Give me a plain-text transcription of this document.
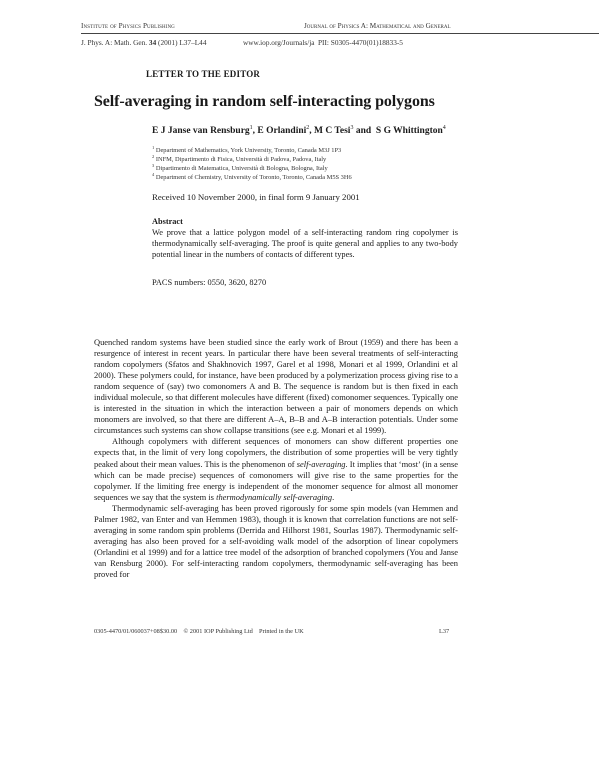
Institute of Physics Publishing	Journal of Physics A: Mathematical and General
J. Phys. A: Math. Gen. 34 (2001) L37–L44	www.iop.org/Journals/ja PII: S0305-4470(01)18833-5
LETTER TO THE EDITOR
Self-averaging in random self-interacting polygons
E J Janse van Rensburg$^1$, E Orlandini$^2$, M C Tesi$^3$ and  S G Whittington$^4$
$^1$ Department of Mathematics, York University, Toronto, Canada M3J 1P3
$^2$ INFM, Dipartimento di Fisica, Università di Padova, Padova, Italy
$^3$ Dipartimento di Matematica, Università di Bologna, Bologna, Italy
$^4$ Department of Chemistry, University of Toronto, Toronto, Canada M5S 3H6
Received 10 November 2000, in final form 9 January 2001
Abstract
We prove that a lattice polygon model of a self-interacting random ring copolymer is thermodynamically self-averaging. The proof is quite general and applies to any two-body potential linear in the numbers of contacts of different types.
PACS numbers: 0550, 3620, 8270

Quenched random systems have been studied since the early work of Brout (1959) and there has been a resurgence of interest in recent years. In particular there have been several treatments of self-interacting random copolymers (Sfatos and Shakhnovich 1997, Garel et al 1998, Monari et al 1999, Orlandini et al 2000). These polymers could, for instance, have been produced by a polymerization process giving rise to a random sequence of (say) two comonomers A and B. The sequence is random but is then fixed in each individual molecule, so that different molecules have different (fixed) comonomer sequences. Typically one is interested in the situation in which the interaction between a pair of monomers depends on which monomers are involved, so that there are different A–A, B–B and A–B interaction potentials. Under some circumstances such systems can show collapse transitions (see e.g. Monari et al 1999).

Although copolymers with different sequences of monomers can show different properties one expects that, in the limit of very long copolymers, the distribution of some properties will be very tightly peaked about their mean values. This is the phenomenon of self-averaging. It implies that ‘most’ (in a sense which can be made precise) sequences of comonomers will give rise to the same properties for the copolymer. If the limiting free energy is independent of the monomer sequence for almost all monomer sequences we say that the system is thermodynamically self-averaging.

Thermodynamic self-averaging has been proved rigorously for some spin models (van Hemmen and Palmer 1982, van Enter and van Hemmen 1983), though it is known that correlation functions are not self-averaging in some random spin problems (Derrida and Hilhorst 1981, Sourlas 1987). Thermodynamic self-averaging has also been proved for a self-avoiding walk model of the adsorption of linear copolymers (Orlandini et al 1999) and for a lattice tree model of the adsorption of branched copolymers (You and Janse van Rensburg 2000). For self-interacting random copolymers, thermodynamic self-averaging has been proved for

0305-4470/01/060037+08$30.00 © 2001 IOP Publishing Ltd Printed in the UK	L37
